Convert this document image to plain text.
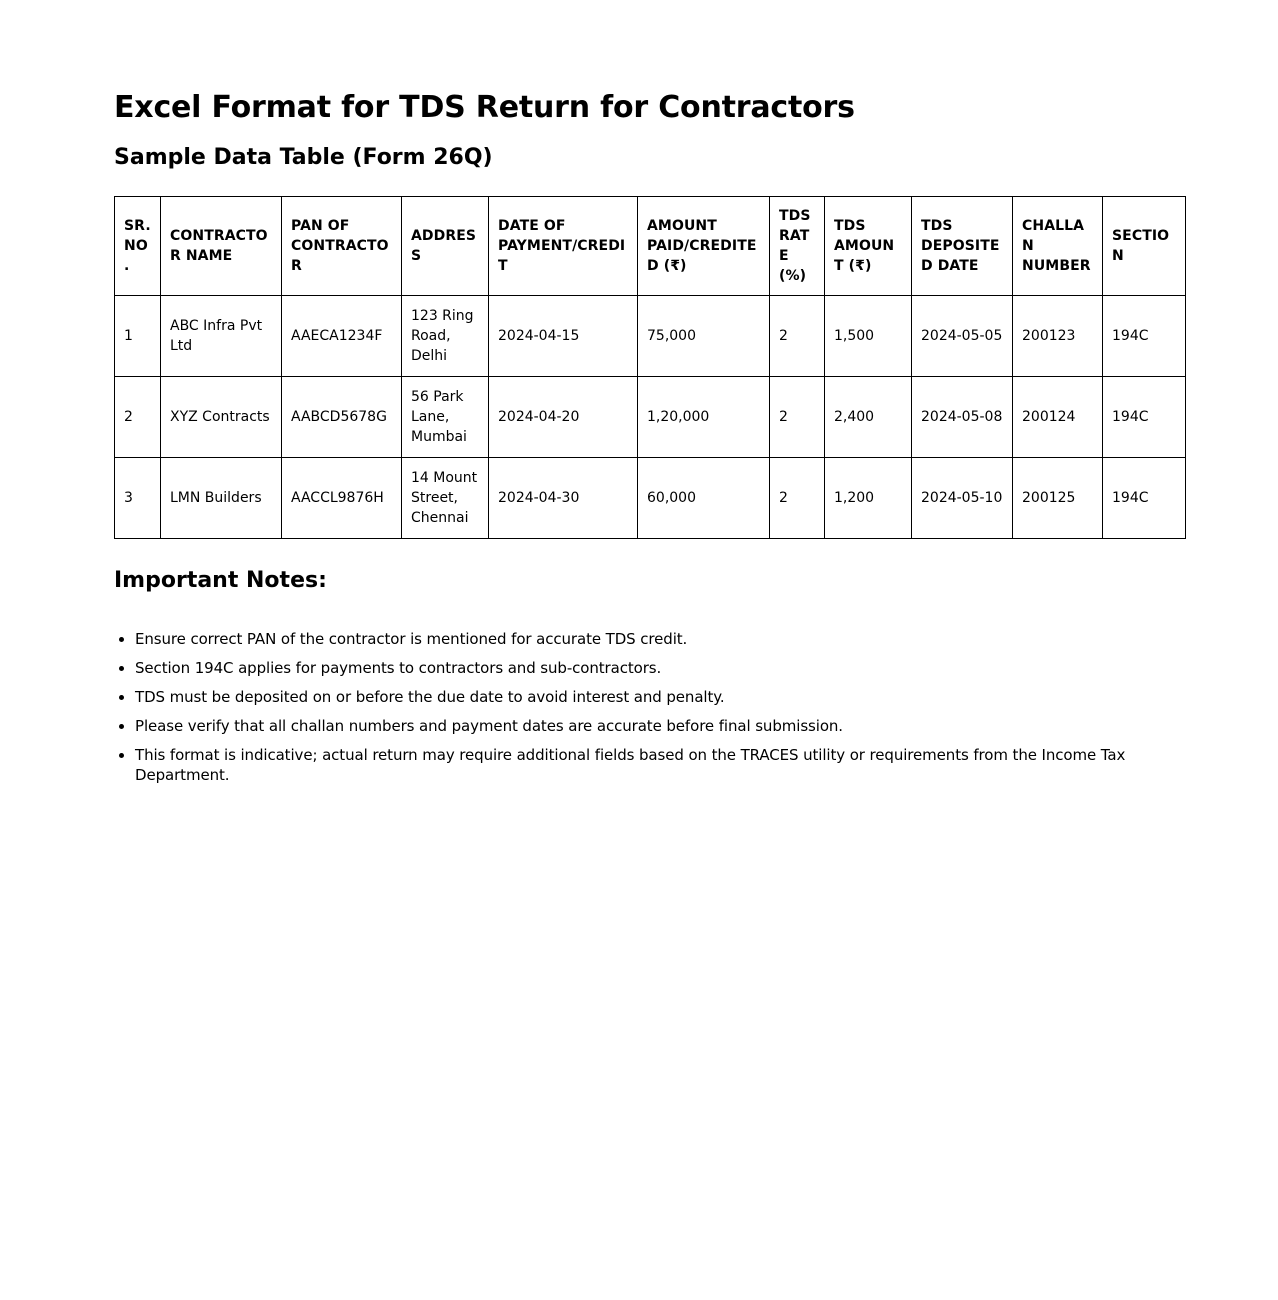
Excel Format for TDS Return for Contractors
Sample Data Table (Form 26Q)
SR. NO.	CONTRACTOR NAME	PAN OF CONTRACTOR	ADDRESS	DATE OF PAYMENT/CREDIT	AMOUNT PAID/CREDITED (₹)	TDS RATE (%)	TDS AMOUNT (₹)	TDS DEPOSITED DATE	CHALLAN NUMBER	SECTION
1	ABC Infra Pvt Ltd	AAECA1234F	123 Ring Road, Delhi	2024-04-15	75,000	2	1,500	2024-05-05	200123	194C
2	XYZ Contracts	AABCD5678G	56 Park Lane, Mumbai	2024-04-20	1,20,000	2	2,400	2024-05-08	200124	194C
3	LMN Builders	AACCL9876H	14 Mount Street, Chennai	2024-04-30	60,000	2	1,200	2024-05-10	200125	194C
Important Notes:
• Ensure correct PAN of the contractor is mentioned for accurate TDS credit.
• Section 194C applies for payments to contractors and sub-contractors.
• TDS must be deposited on or before the due date to avoid interest and penalty.
• Please verify that all challan numbers and payment dates are accurate before final submission.
• This format is indicative; actual return may require additional fields based on the TRACES utility or requirements from the Income Tax Department.
